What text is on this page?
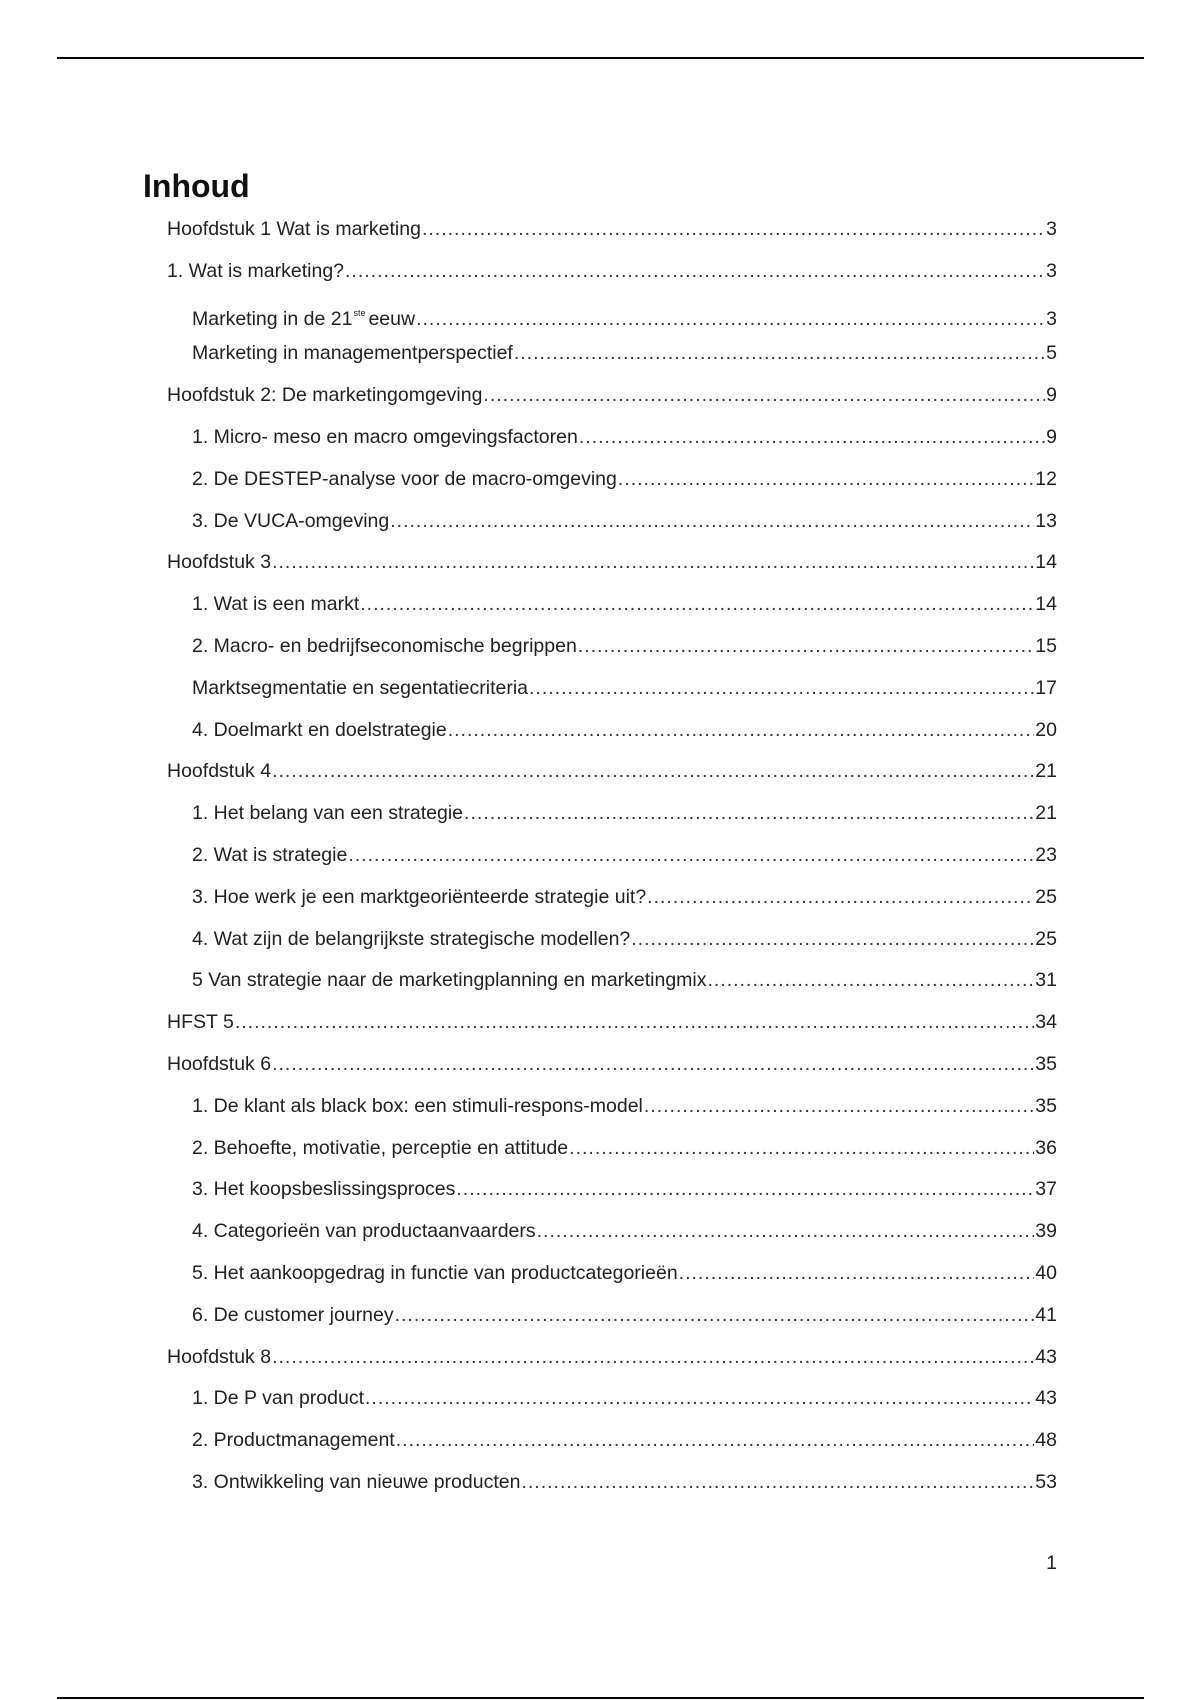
Inhoud
Hoofdstuk 1 Wat is marketing .....	3
1. Wat is marketing? .....	3
Marketing in de 21ste eeuw .....	3
Marketing in managementperspectief .....	5
Hoofdstuk 2: De marketingomgeving .....	9
1. Micro- meso en macro omgevingsfactoren .....	9
2. De DESTEP-analyse voor de macro-omgeving .....	12
3. De VUCA-omgeving .....	13
Hoofdstuk 3 .....	14
1. Wat is een markt .....	14
2. Macro- en bedrijfseconomische begrippen .....	15
Marktsegmentatie en segentatiecriteria .....	17
4. Doelmarkt en doelstrategie .....	20
Hoofdstuk 4 .....	21
1. Het belang van een strategie .....	21
2. Wat is strategie .....	23
3. Hoe werk je een marktgeoriënteerde strategie uit? .....	25
4. Wat zijn de belangrijkste strategische modellen? .....	25
5 Van strategie naar de marketingplanning en marketingmix .....	31
HFST 5 .....	34
Hoofdstuk 6 .....	35
1. De klant als black box: een stimuli-respons-model .....	35
2. Behoefte, motivatie, perceptie en attitude .....	36
3. Het koopsbeslissingsproces .....	37
4. Categorieën van productaanvaarders .....	39
5. Het aankoopgedrag in functie van productcategorieën .....	40
6. De customer journey .....	41
Hoofdstuk 8 .....	43
1. De P van product .....	43
2. Productmanagement .....	48
3. Ontwikkeling van nieuwe producten .....	53
1
